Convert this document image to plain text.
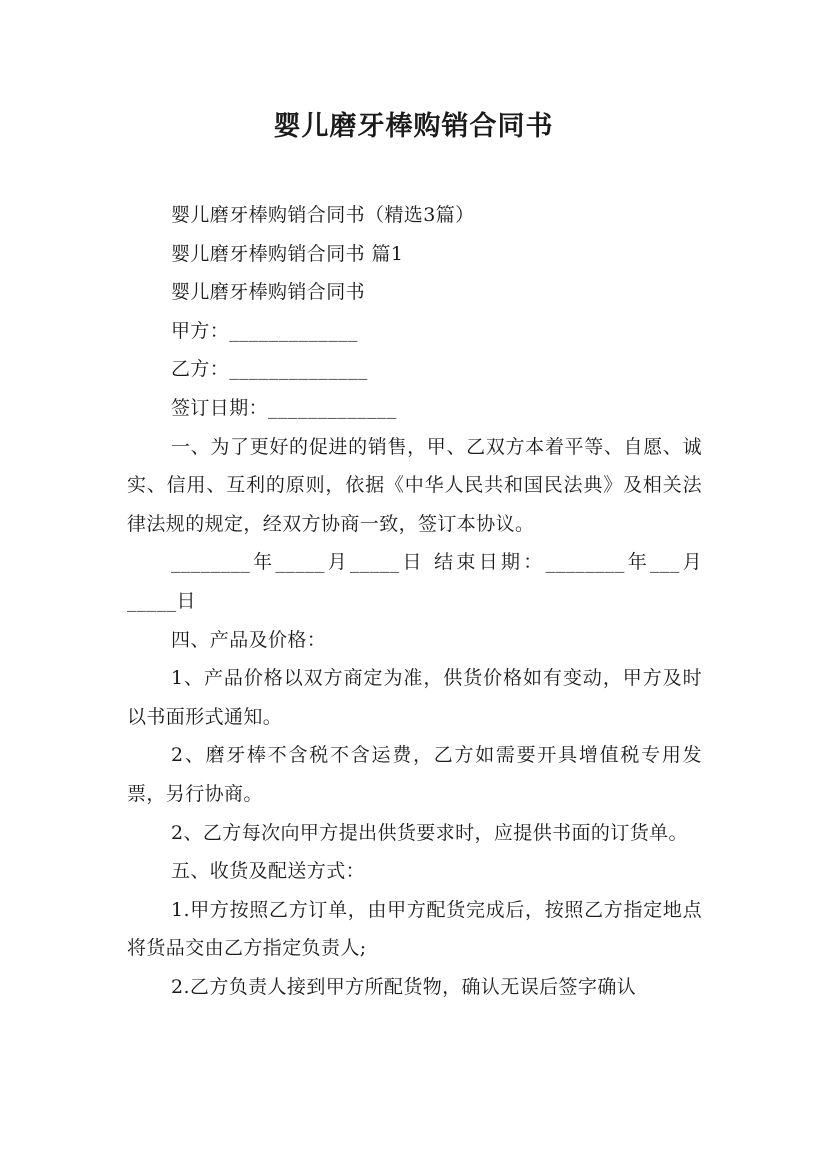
婴儿磨牙棒购销合同书

婴儿磨牙棒购销合同书（精选3篇）

婴儿磨牙棒购销合同书 篇1

婴儿磨牙棒购销合同书

甲方：_____________

乙方：______________

签订日期：_____________

一、为了更好的促进的销售，甲、乙双方本着平等、自愿、诚实、信用、互利的原则，依据《中华人民共和国民法典》及相关法律法规的规定，经双方协商一致，签订本协议。

________年_____月_____日 结束日期：________年___月_____日

四、产品及价格：

1、产品价格以双方商定为准，供货价格如有变动，甲方及时以书面形式通知。

2、磨牙棒不含税不含运费，乙方如需要开具增值税专用发票，另行协商。

2、乙方每次向甲方提出供货要求时，应提供书面的订货单。

五、收货及配送方式：

1.甲方按照乙方订单，由甲方配货完成后，按照乙方指定地点将货品交由乙方指定负责人;

2.乙方负责人接到甲方所配货物，确认无误后签字确认
